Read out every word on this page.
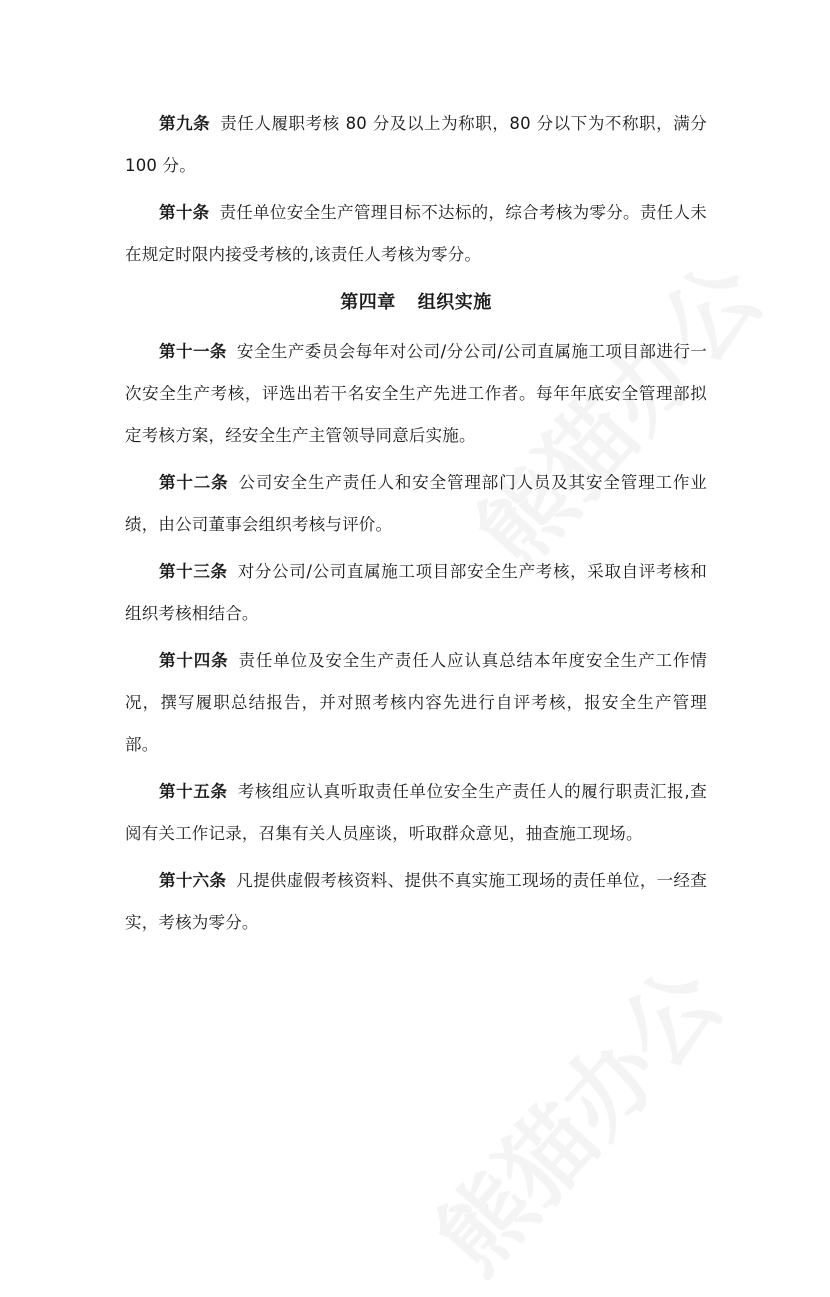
第九条 责任人履职考核 80 分及以上为称职，80 分以下为不称职，满分 100 分。

第十条 责任单位安全生产管理目标不达标的，综合考核为零分。责任人未在规定时限内接受考核的,该责任人考核为零分。

第四章 组织实施

第十一条 安全生产委员会每年对公司/分公司/公司直属施工项目部进行一次安全生产考核，评选出若干名安全生产先进工作者。每年年底安全管理部拟定考核方案，经安全生产主管领导同意后实施。

第十二条 公司安全生产责任人和安全管理部门人员及其安全管理工作业绩，由公司董事会组织考核与评价。

第十三条 对分公司/公司直属施工项目部安全生产考核，采取自评考核和组织考核相结合。

第十四条 责任单位及安全生产责任人应认真总结本年度安全生产工作情况，撰写履职总结报告，并对照考核内容先进行自评考核，报安全生产管理部。

第十五条 考核组应认真听取责任单位安全生产责任人的履行职责汇报,查阅有关工作记录，召集有关人员座谈，听取群众意见，抽查施工现场。

第十六条 凡提供虚假考核资料、提供不真实施工现场的责任单位，一经查实，考核为零分。
